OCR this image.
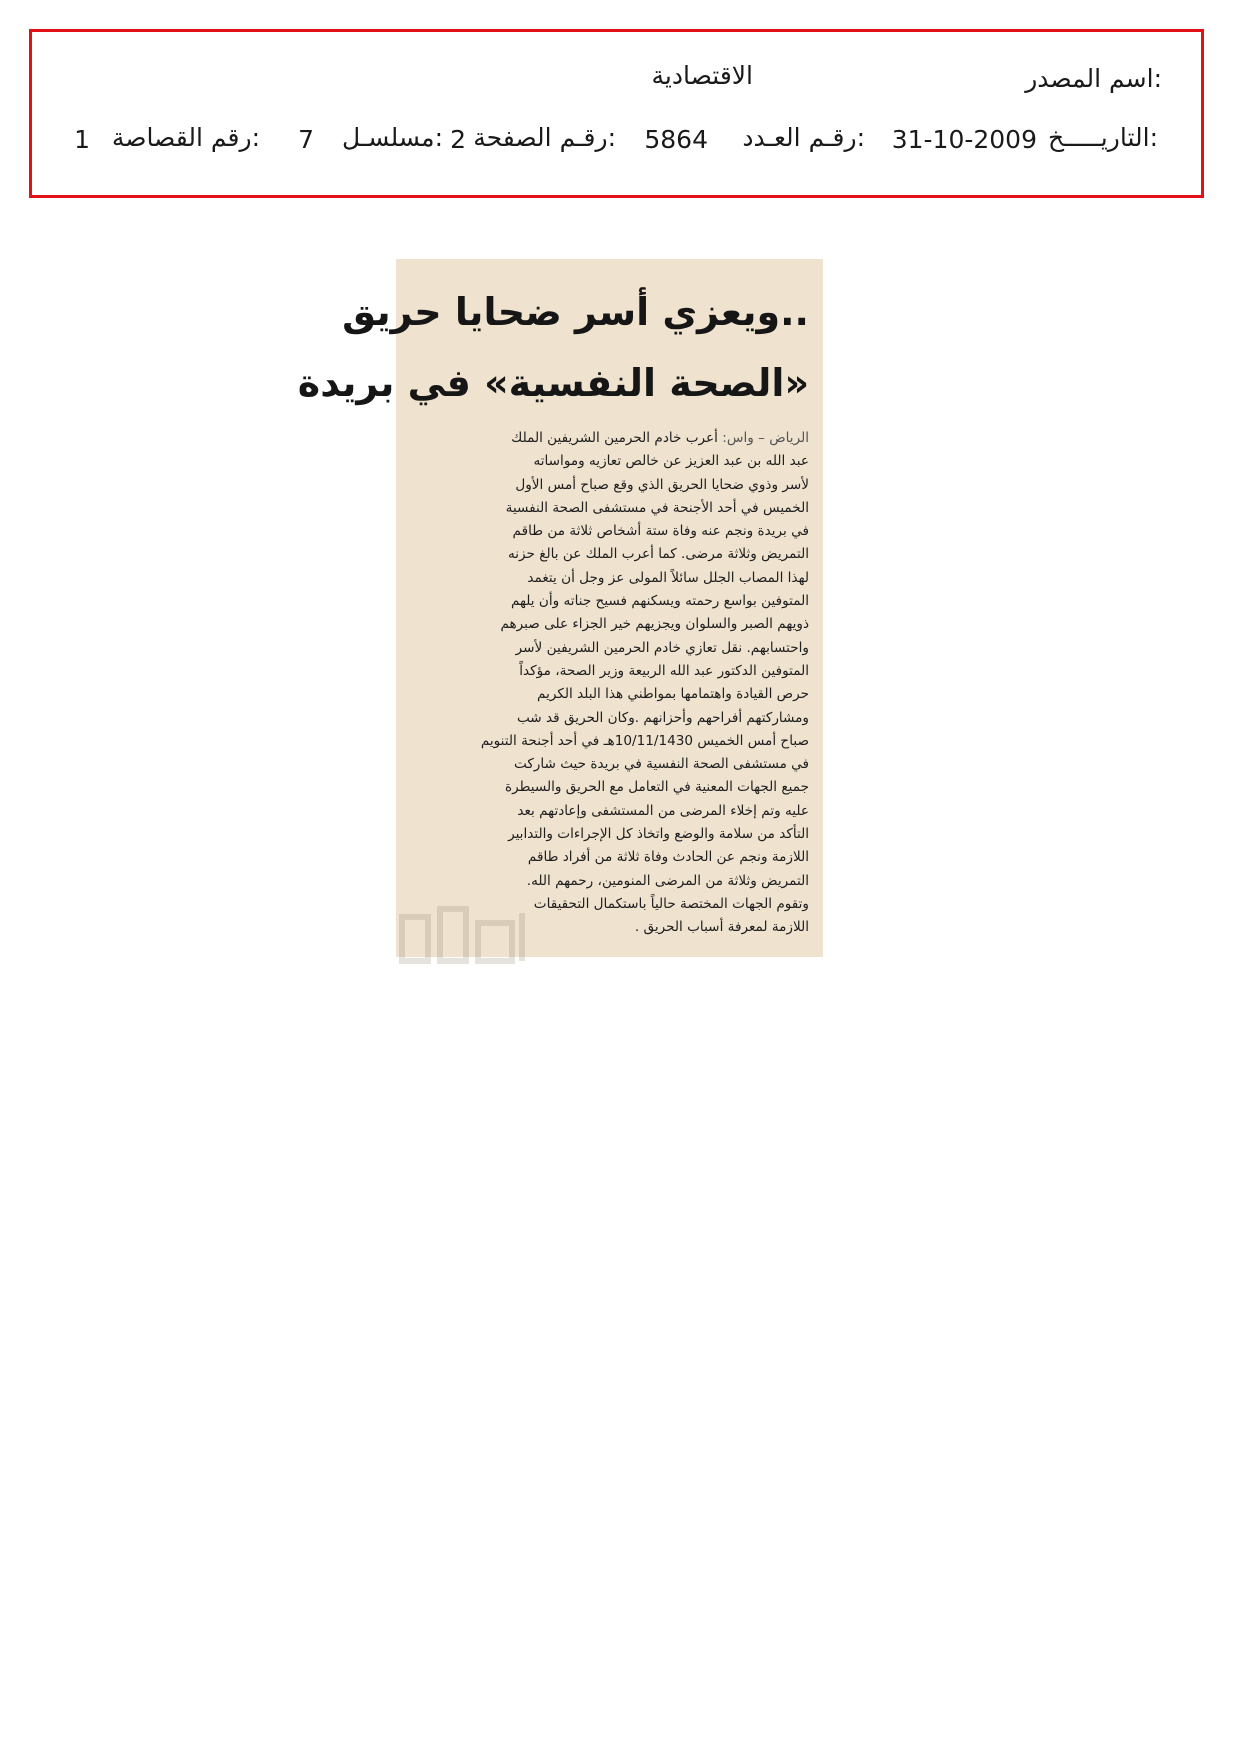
اسم المصدر:
الاقتصادية
التاريـــــخ:
31-10-2009
رقـم العـدد:
5864
رقـم الصفحة:
2
مسلسـل:
7
رقم القصاصة:
1
..ويعزي أسر ضحايا حريق
«الصحة النفسية» في بريدة
الرياض – واس: أعرب خادم الحرمين الشريفين الملك
عبد الله بن عبد العزيز عن خالص تعازيه ومواساته
لأسر وذوي ضحايا الحريق الذي وقع صباح أمس الأول
الخميس في أحد الأجنحة في مستشفى الصحة النفسية
في بريدة ونجم عنه وفاة ستة أشخاص ثلاثة من طاقم
التمريض وثلاثة مرضى. كما أعرب الملك عن بالغ حزنه
لهذا المصاب الجلل سائلاً المولى عز وجل أن يتغمد
المتوفين بواسع رحمته ويسكنهم فسيح جناته وأن يلهم
ذويهم الصبر والسلوان ويجزيهم خير الجزاء على صبرهم
واحتسابهم. نقل تعازي خادم الحرمين الشريفين لأسر
المتوفين الدكتور عبد الله الربيعة وزير الصحة، مؤكداً
حرص القيادة واهتمامها بمواطني هذا البلد الكريم
ومشاركتهم أفراحهم وأحزانهم .وكان الحريق قد شب
صباح أمس الخميس 10/11/1430هـ في أحد أجنحة التنويم
في مستشفى الصحة النفسية في بريدة حيث شاركت
جميع الجهات المعنية في التعامل مع الحريق والسيطرة
عليه وتم إخلاء المرضى من المستشفى وإعادتهم بعد
التأكد من سلامة والوضع واتخاذ كل الإجراءات والتدابير
اللازمة ونجم عن الحادث وفاة ثلاثة من أفراد طاقم
التمريض وثلاثة من المرضى المنومين، رحمهم الله.
وتقوم الجهات المختصة حالياً باستكمال التحقيقات
اللازمة لمعرفة أسباب الحريق .
